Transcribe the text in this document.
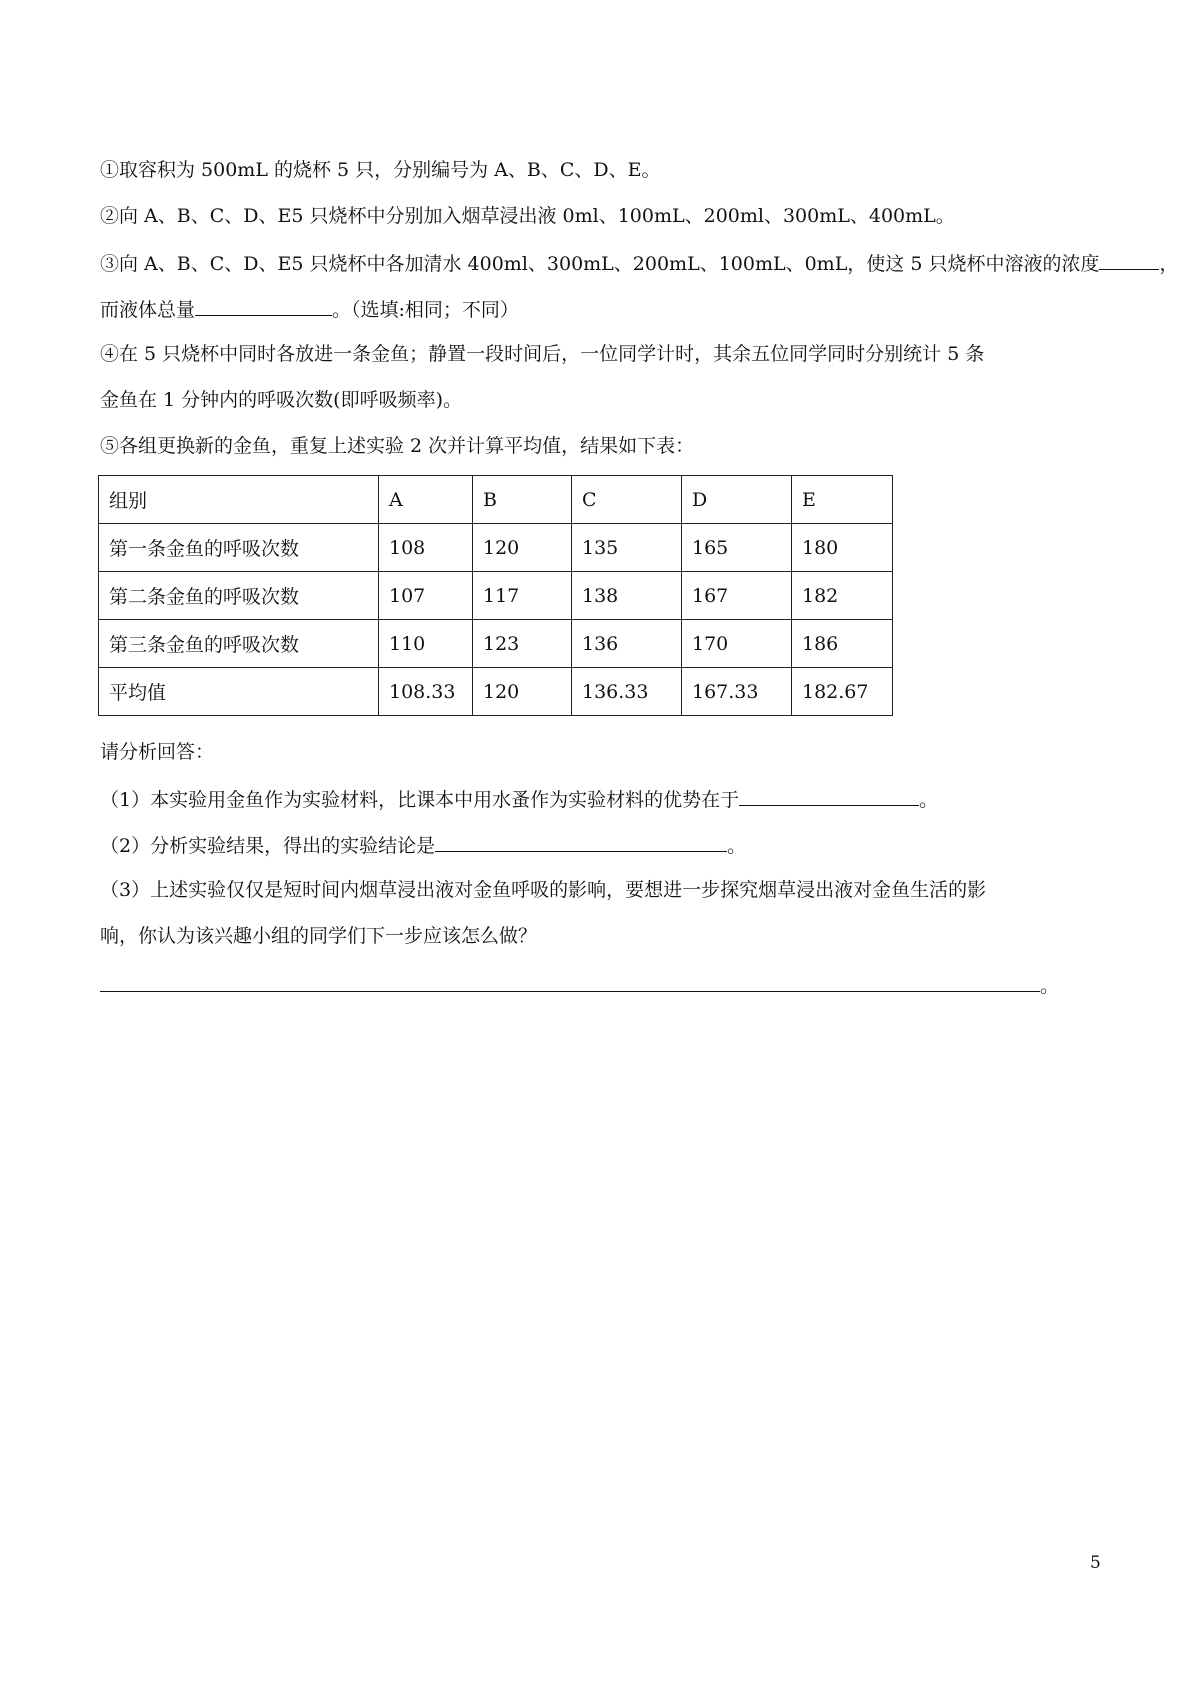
①取容积为 500mL 的烧杯 5 只，分别编号为 A、B、C、D、E。
②向 A、B、C、D、E5 只烧杯中分别加入烟草浸出液 0ml、100mL、200ml、300mL、400mL。
③向 A、B、C、D、E5 只烧杯中各加清水 400ml、300mL、200mL、100mL、0mL，使这 5 只烧杯中溶液的浓度	，
而液体总量	。（选填:相同；不同）
④在 5 只烧杯中同时各放进一条金鱼；静置一段时间后，一位同学计时，其余五位同学同时分别统计 5 条
金鱼在 1 分钟内的呼吸次数(即呼吸频率)。
⑤各组更换新的金鱼，重复上述实验 2 次并计算平均值，结果如下表：
组别	A	B	C	D	E
第一条金鱼的呼吸次数	108	120	135	165	180
第二条金鱼的呼吸次数	107	117	138	167	182
第三条金鱼的呼吸次数	110	123	136	170	186
平均值	108.33	120	136.33	167.33	182.67
请分析回答：
（1）本实验用金鱼作为实验材料，比课本中用水蚤作为实验材料的优势在于	。
（2）分析实验结果，得出的实验结论是	。
（3）上述实验仅仅是短时间内烟草浸出液对金鱼呼吸的影响，要想进一步探究烟草浸出液对金鱼生活的影
响，你认为该兴趣小组的同学们下一步应该怎么做？
。
5
